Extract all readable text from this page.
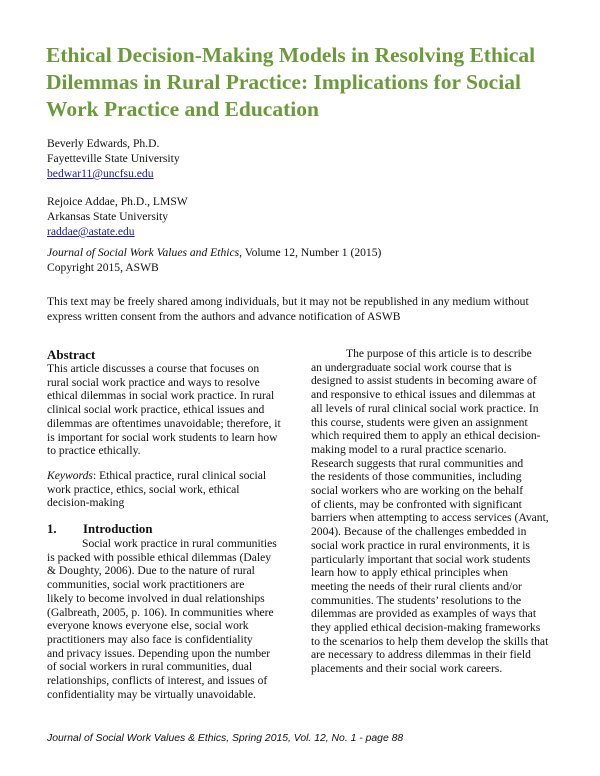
Ethical Decision-Making Models in Resolving Ethical
Dilemmas in Rural Practice: Implications for Social
Work Practice and Education
Beverly Edwards, Ph.D.
Fayetteville State University
bedwar11@uncfsu.edu
Rejoice Addae, Ph.D., LMSW
Arkansas State University
raddae@astate.edu
Journal of Social Work Values and Ethics, Volume 12, Number 1 (2015)
Copyright 2015, ASWB
This text may be freely shared among individuals, but it may not be republished in any medium without
express written consent from the authors and advance notification of ASWB
Abstract
This article discusses a course that focuses on
rural social work practice and ways to resolve
ethical dilemmas in social work practice. In rural
clinical social work practice, ethical issues and
dilemmas are oftentimes unavoidable; therefore, it
is important for social work students to learn how
to practice ethically.
Keywords: Ethical practice, rural clinical social
work practice, ethics, social work, ethical
decision-making
1. Introduction
Social work practice in rural communities
is packed with possible ethical dilemmas (Daley
& Doughty, 2006). Due to the nature of rural
communities, social work practitioners are
likely to become involved in dual relationships
(Galbreath, 2005, p. 106). In communities where
everyone knows everyone else, social work
practitioners may also face is confidentiality
and privacy issues. Depending upon the number
of social workers in rural communities, dual
relationships, conflicts of interest, and issues of
confidentiality may be virtually unavoidable.
The purpose of this article is to describe
an undergraduate social work course that is
designed to assist students in becoming aware of
and responsive to ethical issues and dilemmas at
all levels of rural clinical social work practice. In
this course, students were given an assignment
which required them to apply an ethical decision-
making model to a rural practice scenario.
Research suggests that rural communities and
the residents of those communities, including
social workers who are working on the behalf
of clients, may be confronted with significant
barriers when attempting to access services (Avant,
2004). Because of the challenges embedded in
social work practice in rural environments, it is
particularly important that social work students
learn how to apply ethical principles when
meeting the needs of their rural clients and/or
communities. The students’ resolutions to the
dilemmas are provided as examples of ways that
they applied ethical decision-making frameworks
to the scenarios to help them develop the skills that
are necessary to address dilemmas in their field
placements and their social work careers.
Journal of Social Work Values & Ethics, Spring 2015, Vol. 12, No. 1 - page 88
